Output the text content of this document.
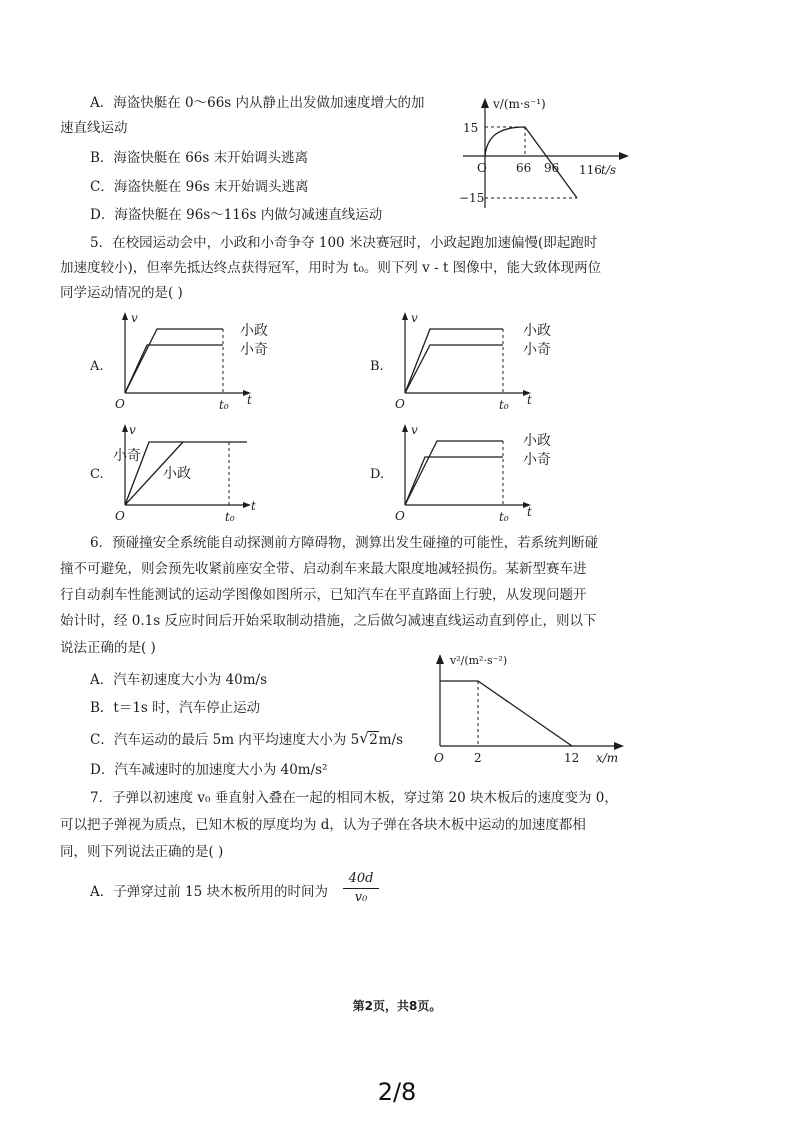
A．海盗快艇在 0～66s 内从静止出发做加速度增大的加
速直线运动
B．海盗快艇在 66s 末开始调头逃离
C．海盗快艇在 96s 末开始调头逃离
D．海盗快艇在 96s～116s 内做匀减速直线运动
v/(m·s⁻¹)
O
15
−15
66 96 116 t/s
5．在校园运动会中，小政和小奇争夺 100 米决赛冠时，小政起跑加速偏慢(即起跑时
加速度较小)，但率先抵达终点获得冠军，用时为 t₀。则下列 v - t 图像中，能大致体现两位
同学运动情况的是( )
A.
v
O	t₀ t
小政
小奇
B.
v
O	t₀ t
小政
小奇
C.
v
O	t₀
t
小奇
小政	D.
v
O	t₀ t
小政
小奇
6．预碰撞安全系统能自动探测前方障碍物，测算出发生碰撞的可能性，若系统判断碰
撞不可避免，则会预先收紧前座安全带、启动刹车来最大限度地减轻损伤。某新型赛车进
行自动刹车性能测试的运动学图像如图所示，已知汽车在平直路面上行驶，从发现问题开
始计时，经 0.1s 反应时间后开始采取制动措施，之后做匀减速直线运动直到停止，则以下
说法正确的是( )
A．汽车初速度大小为 40m/s
B．t＝1s 时，汽车停止运动
C．汽车运动的最后 5m 内平均速度大小为 5 √ 2m/s
D．汽车减速时的加速度大小为 40m/s²
v²/(m²·s⁻²)
O	2	12 x/m
7．子弹以初速度 v₀ 垂直射入叠在一起的相同木板，穿过第 20 块木板后的速度变为 0，
可以把子弹视为质点，已知木板的厚度均为 d，认为子弹在各块木板中运动的加速度都相
同，则下列说法正确的是( )
A．子弹穿过前 15 块木板所用的时间为 $\frac{40d}{\text{v₀}}$
第2页，共8页。
2/8
